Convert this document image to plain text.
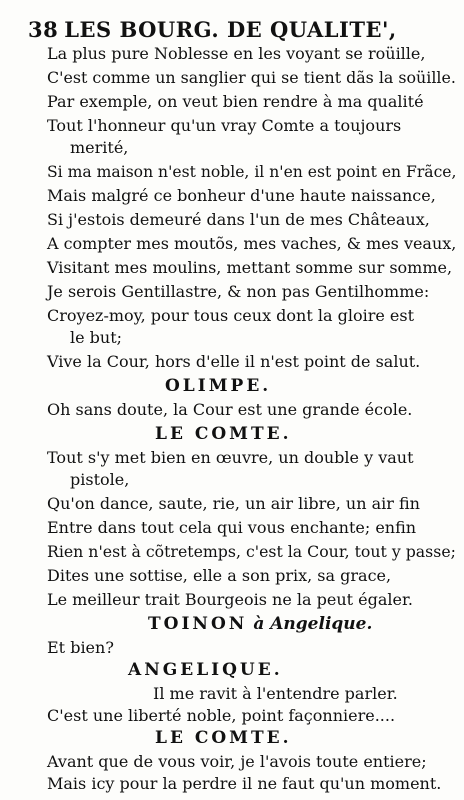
38 LES BOURG. DE QUALITE',
La plus pure Noblesse en les voyant se roüille,
C'est comme un sanglier qui se tient dãs la soüille.
Par exemple, on veut bien rendre à ma qualité
Tout l'honneur qu'un vray Comte a toujours
merité,
Si ma maison n'est noble, il n'en est point en Frãce,
Mais malgré ce bonheur d'une haute naissance,
Si j'estois demeuré dans l'un de mes Châteaux,
A compter mes moutõs, mes vaches, & mes veaux,
Visitant mes moulins, mettant somme sur somme,
Je serois Gentillastre, & non pas Gentilhomme:
Croyez-moy, pour tous ceux dont la gloire est
le but;
Vive la Cour, hors d'elle il n'est point de salut.
OLIMPE.
Oh sans doute, la Cour est une grande école.
LE COMTE.
Tout s'y met bien en œuvre, un double y vaut
pistole,
Qu'on dance, saute, rie, un air libre, un air fin
Entre dans tout cela qui vous enchante; enfin
Rien n'est à cõtretemps, c'est la Cour, tout y passe;
Dites une sottise, elle a son prix, sa grace,
Le meilleur trait Bourgeois ne la peut égaler.
TOINON à Angelique.
Et bien?
ANGELIQUE.
Il me ravit à l'entendre parler.
C'est une liberté noble, point façonniere....
LE COMTE.
Avant que de vous voir, je l'avois toute entiere;
Mais icy pour la perdre il ne faut qu'un moment.
